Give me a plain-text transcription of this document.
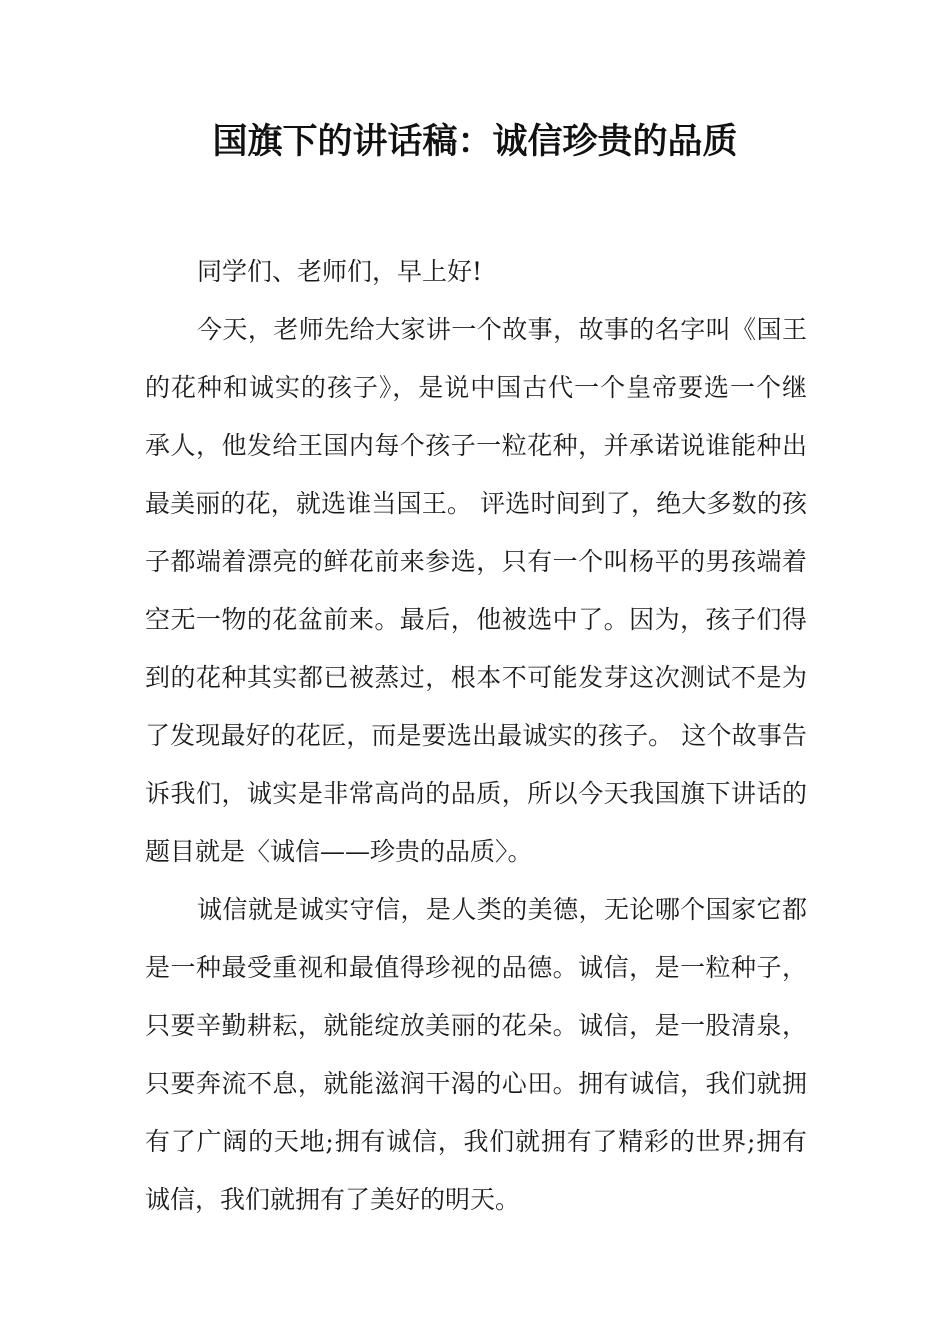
国旗下的讲话稿：诚信珍贵的品质

同学们、老师们，早上好!

今天，老师先给大家讲一个故事，故事的名字叫《国王的花种和诚实的孩子》，是说中国古代一个皇帝要选一个继承人，他发给王国内每个孩子一粒花种，并承诺说谁能种出最美丽的花，就选谁当国王。 评选时间到了，绝大多数的孩子都端着漂亮的鲜花前来参选，只有一个叫杨平的男孩端着空无一物的花盆前来。最后，他被选中了。因为，孩子们得到的花种其实都已被蒸过，根本不可能发芽这次测试不是为了发现最好的花匠，而是要选出最诚实的孩子。 这个故事告诉我们，诚实是非常高尚的品质，所以今天我国旗下讲话的题目就是〈诚信——珍贵的品质〉。

诚信就是诚实守信，是人类的美德，无论哪个国家它都是一种最受重视和最值得珍视的品德。诚信，是一粒种子，只要辛勤耕耘，就能绽放美丽的花朵。诚信，是一股清泉，只要奔流不息，就能滋润干渴的心田。拥有诚信，我们就拥有了广阔的天地;拥有诚信，我们就拥有了精彩的世界;拥有诚信，我们就拥有了美好的明天。
